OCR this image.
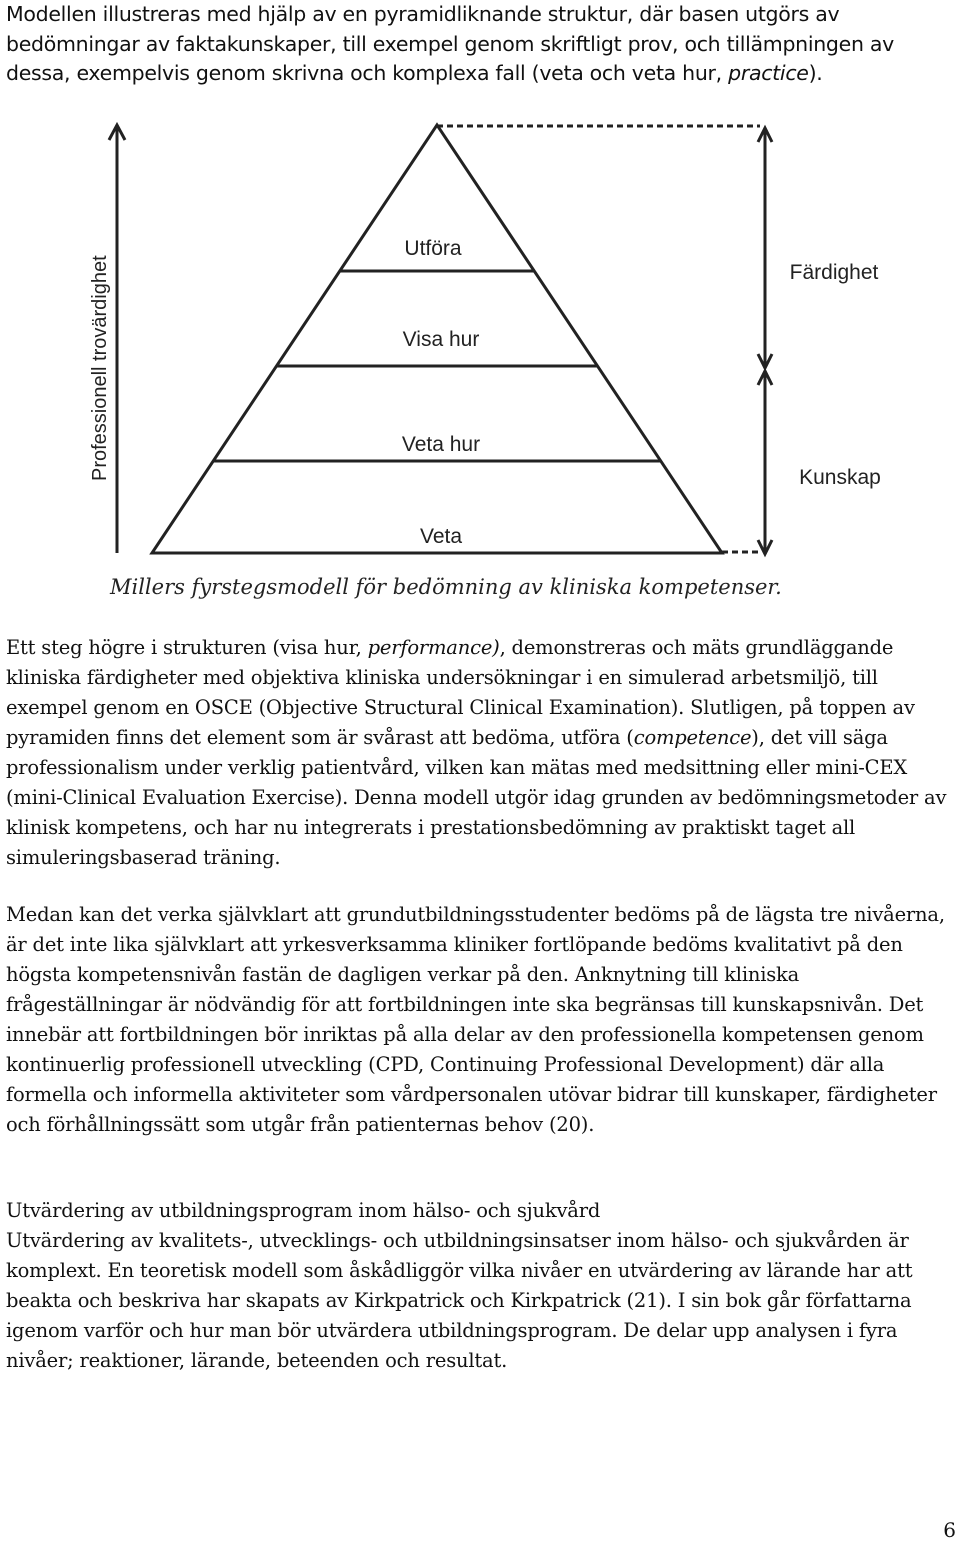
Modellen illustreras med hjälp av en pyramidliknande struktur, där basen utgörs av bedömningar av faktakunskaper, till exempel genom skriftligt prov, och tillämpningen av dessa, exempelvis genom skrivna och komplexa fall (veta och veta hur, practice).

Professionell trovärdighet
Utföra
Visa hur
Veta hur
Veta
Färdighet
Kunskap
Millers fyrstegsmodell för bedömning av kliniska kompetenser.

Ett steg högre i strukturen (visa hur, performance), demonstreras och mäts grundläggande kliniska färdigheter med objektiva kliniska undersökningar i en simulerad arbetsmiljö, till exempel genom en OSCE (Objective Structural Clinical Examination). Slutligen, på toppen av pyramiden finns det element som är svårast att bedöma, utföra (competence), det vill säga professionalism under verklig patientvård, vilken kan mätas med medsittning eller mini-CEX (mini-Clinical Evaluation Exercise). Denna modell utgör idag grunden av bedömningsmetoder av klinisk kompetens, och har nu integrerats i prestationsbedömning av praktiskt taget all simuleringsbaserad träning.

Medan kan det verka självklart att grundutbildningsstudenter bedöms på de lägsta tre nivåerna, är det inte lika självklart att yrkesverksamma kliniker fortlöpande bedöms kvalitativt på den högsta kompetensnivån fastän de dagligen verkar på den. Anknytning till kliniska frågeställningar är nödvändig för att fortbildningen inte ska begränsas till kunskapsnivån. Det innebär att fortbildningen bör inriktas på alla delar av den professionella kompetensen genom kontinuerlig professionell utveckling (CPD, Continuing Professional Development) där alla formella och informella aktiviteter som vårdpersonalen utövar bidrar till kunskaper, färdigheter och förhållningssätt som utgår från patienternas behov (20).

Utvärdering av utbildningsprogram inom hälso- och sjukvård
Utvärdering av kvalitets-, utvecklings- och utbildningsinsatser inom hälso- och sjukvården är komplext. En teoretisk modell som åskådliggör vilka nivåer en utvärdering av lärande har att beakta och beskriva har skapats av Kirkpatrick och Kirkpatrick (21). I sin bok går författarna igenom varför och hur man bör utvärdera utbildningsprogram. De delar upp analysen i fyra nivåer; reaktioner, lärande, beteenden och resultat.

6
